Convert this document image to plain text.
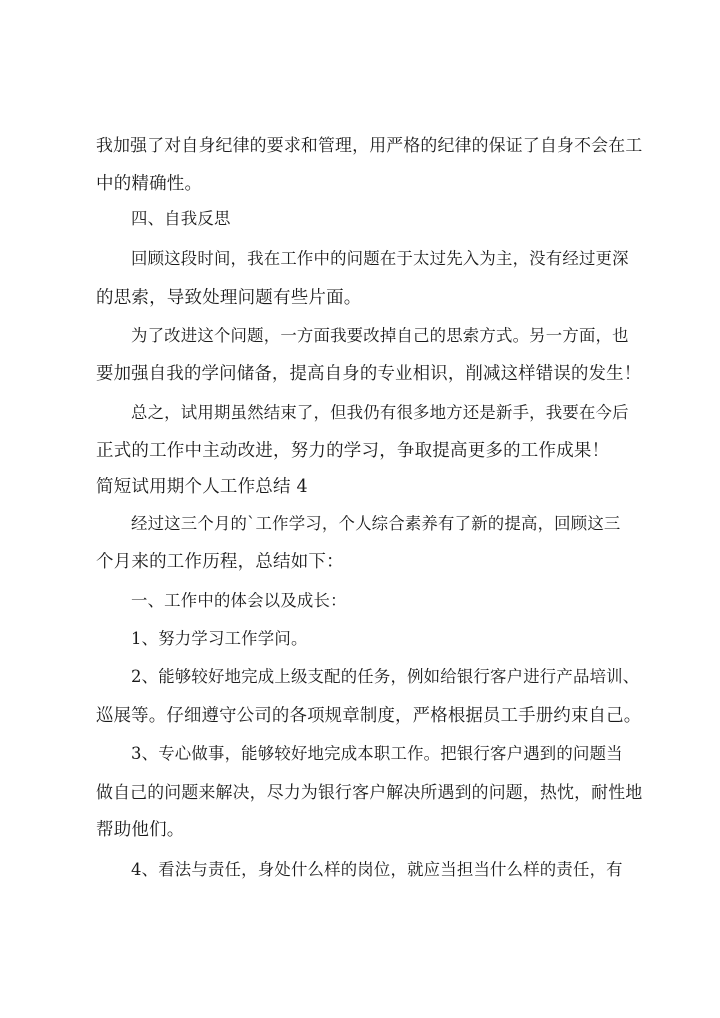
我加强了对自身纪律的要求和管理，用严格的纪律的保证了自身不会在工
中的精确性。
四、自我反思
回顾这段时间，我在工作中的问题在于太过先入为主，没有经过更深
的思索，导致处理问题有些片面。
为了改进这个问题，一方面我要改掉自己的思索方式。另一方面，也
要加强自我的学问储备，提高自身的专业相识，削减这样错误的发生！
总之，试用期虽然结束了，但我仍有很多地方还是新手，我要在今后
正式的工作中主动改进，努力的学习，争取提高更多的工作成果！
简短试用期个人工作总结 4
经过这三个月的`工作学习，个人综合素养有了新的提高，回顾这三
个月来的工作历程，总结如下：
一、工作中的体会以及成长：
1、努力学习工作学问。
2、能够较好地完成上级支配的任务，例如给银行客户进行产品培训、
巡展等。仔细遵守公司的各项规章制度，严格根据员工手册约束自己。
3、专心做事，能够较好地完成本职工作。把银行客户遇到的问题当
做自己的问题来解决，尽力为银行客户解决所遇到的问题，热忱，耐性地
帮助他们。
4、看法与责任，身处什么样的岗位，就应当担当什么样的责任，有
